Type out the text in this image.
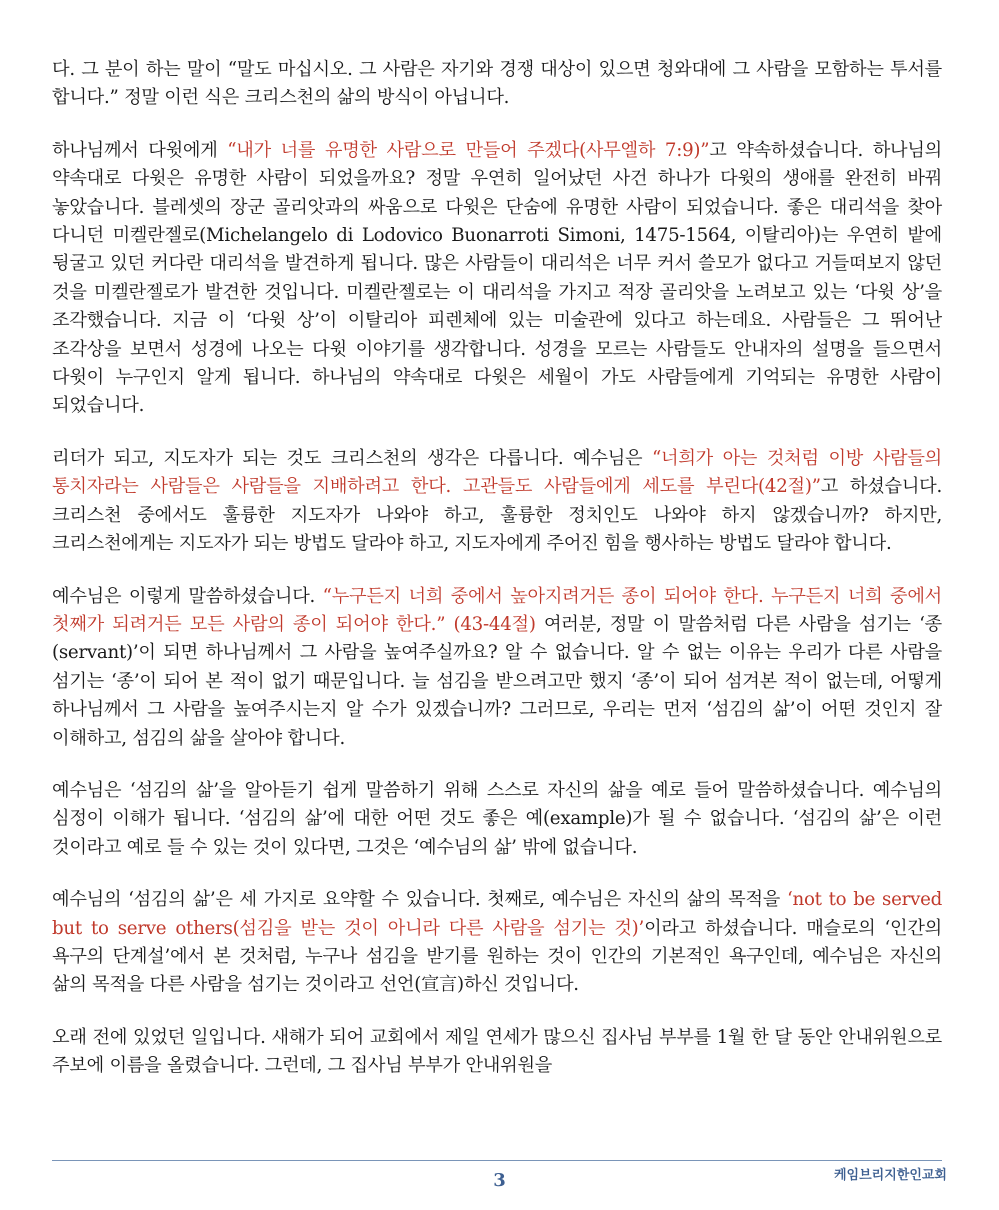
다. 그 분이 하는 말이 “말도 마십시오. 그 사람은 자기와 경쟁 대상이 있으면 청와대에 그 사람을 모함하는 투서를 합니다.” 정말 이런 식은 크리스천의 삶의 방식이 아닙니다.

하나님께서 다윗에게 “내가 너를 유명한 사람으로 만들어 주겠다(사무엘하 7:9)”고 약속하셨습니다. 하나님의 약속대로 다윗은 유명한 사람이 되었을까요? 정말 우연히 일어났던 사건 하나가 다윗의 생애를 완전히 바꿔 놓았습니다. 블레셋의 장군 골리앗과의 싸움으로 다윗은 단숨에 유명한 사람이 되었습니다. 좋은 대리석을 찾아 다니던 미켈란젤로(Michelangelo di Lodovico Buonarroti Simoni, 1475-1564, 이탈리아)는 우연히 밭에 뒹굴고 있던 커다란 대리석을 발견하게 됩니다. 많은 사람들이 대리석은 너무 커서 쓸모가 없다고 거들떠보지 않던 것을 미켈란젤로가 발견한 것입니다. 미켈란젤로는 이 대리석을 가지고 적장 골리앗을 노려보고 있는 ‘다윗 상’을 조각했습니다. 지금 이 ‘다윗 상’이 이탈리아 피렌체에 있는 미술관에 있다고 하는데요. 사람들은 그 뛰어난 조각상을 보면서 성경에 나오는 다윗 이야기를 생각합니다. 성경을 모르는 사람들도 안내자의 설명을 들으면서 다윗이 누구인지 알게 됩니다. 하나님의 약속대로 다윗은 세월이 가도 사람들에게 기억되는 유명한 사람이 되었습니다.

리더가 되고, 지도자가 되는 것도 크리스천의 생각은 다릅니다. 예수님은 “너희가 아는 것처럼 이방 사람들의 통치자라는 사람들은 사람들을 지배하려고 한다. 고관들도 사람들에게 세도를 부린다(42절)”고 하셨습니다. 크리스천 중에서도 훌륭한 지도자가 나와야 하고, 훌륭한 정치인도 나와야 하지 않겠습니까? 하지만, 크리스천에게는 지도자가 되는 방법도 달라야 하고, 지도자에게 주어진 힘을 행사하는 방법도 달라야 합니다.

예수님은 이렇게 말씀하셨습니다. “누구든지 너희 중에서 높아지려거든 종이 되어야 한다. 누구든지 너희 중에서 첫째가 되려거든 모든 사람의 종이 되어야 한다.” (43-44절) 여러분, 정말 이 말씀처럼 다른 사람을 섬기는 ‘종(servant)’이 되면 하나님께서 그 사람을 높여주실까요? 알 수 없습니다. 알 수 없는 이유는 우리가 다른 사람을 섬기는 ‘종’이 되어 본 적이 없기 때문입니다. 늘 섬김을 받으려고만 했지 ‘종’이 되어 섬겨본 적이 없는데, 어떻게 하나님께서 그 사람을 높여주시는지 알 수가 있겠습니까? 그러므로, 우리는 먼저 ‘섬김의 삶’이 어떤 것인지 잘 이해하고, 섬김의 삶을 살아야 합니다.

예수님은 ‘섬김의 삶’을 알아듣기 쉽게 말씀하기 위해 스스로 자신의 삶을 예로 들어 말씀하셨습니다. 예수님의 심정이 이해가 됩니다. ‘섬김의 삶’에 대한 어떤 것도 좋은 예(example)가 될 수 없습니다. ‘섬김의 삶’은 이런 것이라고 예로 들 수 있는 것이 있다면, 그것은 ‘예수님의 삶’ 밖에 없습니다.

예수님의 ‘섬김의 삶’은 세 가지로 요약할 수 있습니다. 첫째로, 예수님은 자신의 삶의 목적을 ‘not to be served but to serve others(섬김을 받는 것이 아니라 다른 사람을 섬기는 것)’이라고 하셨습니다. 매슬로의 ‘인간의 욕구의 단계설’에서 본 것처럼, 누구나 섬김을 받기를 원하는 것이 인간의 기본적인 욕구인데, 예수님은 자신의 삶의 목적을 다른 사람을 섬기는 것이라고 선언(宣言)하신 것입니다.

오래 전에 있었던 일입니다. 새해가 되어 교회에서 제일 연세가 많으신 집사님 부부를 1월 한 달 동안 안내위원으로 주보에 이름을 올렸습니다. 그런데, 그 집사님 부부가 안내위원을

케임브리지한인교회
3
